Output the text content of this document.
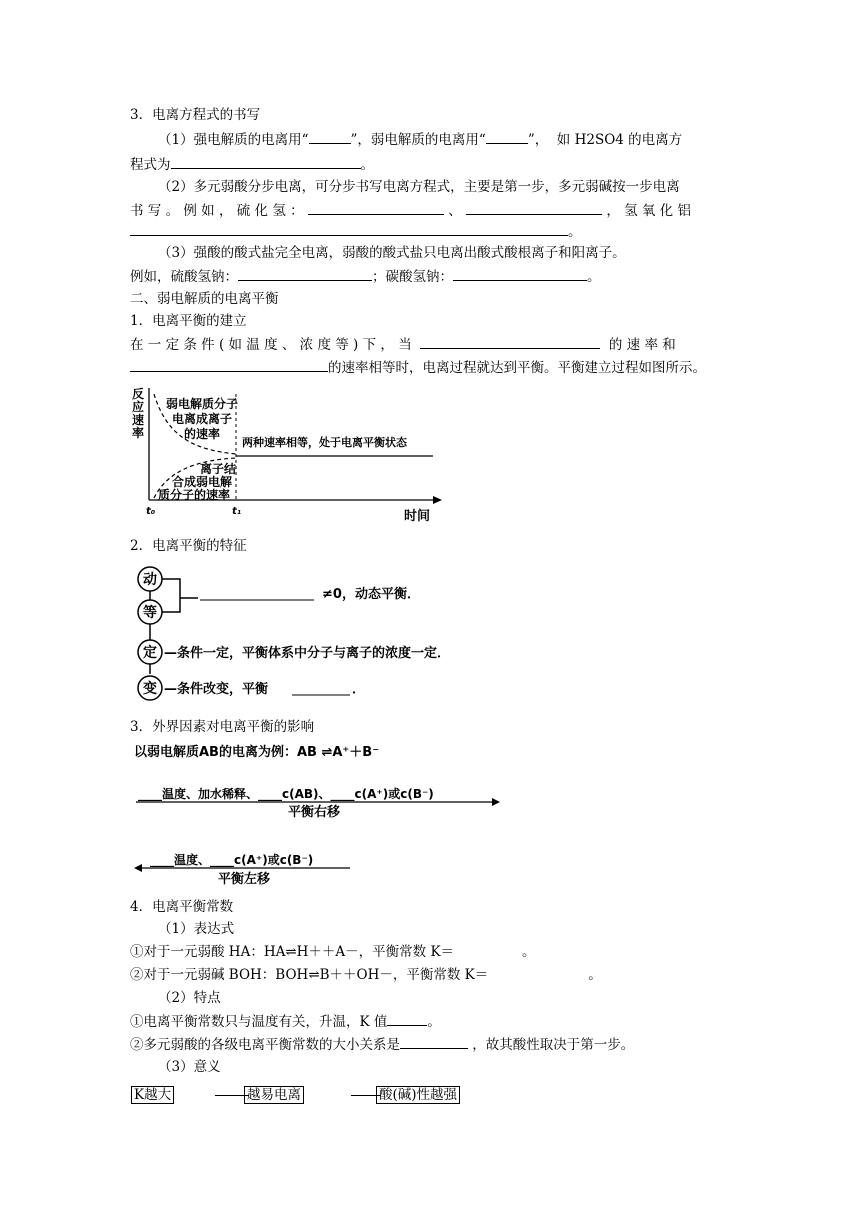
3．电离方程式的书写
（1）强电解质的电离用“	”，弱电解质的电离用“	”，  如 H2SO4 的电离方
程式为	。
（2）多元弱酸分步电离，可分步书写电离方程式，主要是第一步，多元弱碱按一步电离
书 写 。 例 如 ， 硫 化 氢 ：	、	， 氢 氧 化 铝
。
（3）强酸的酸式盐完全电离，弱酸的酸式盐只电离出酸式酸根离子和阳离子。
例如，硫酸氢钠：	；碳酸氢钠：	。
二、弱电解质的电离平衡
1．电离平衡的建立
在 一 定 条 件 ( 如 温 度 、 浓 度 等 ) 下 ， 当	的 速 率 和
的速率相等时，电离过程就达到平衡。平衡建立过程如图所示。
反
应
速
率
弱电解质分子
电离成离子
的速率
两种速率相等，处于电离平衡状态
离子结
合成弱电解
质分子的速率
t₀	t₁	时间
2．电离平衡的特征
动
等
定
变
≠0，动态平衡．
—条件一定，平衡体系中分子与离子的浓度一定．
—条件改变，平衡	．
3．外界因素对电离平衡的影响
以弱电解质AB的电离为例：AB ⇌A⁺＋B⁻
____温度、加水稀释、____c(AB)、____c(A⁺)或c(B⁻)
平衡右移
____温度、____c(A⁺)或c(B⁻)
平衡左移
4．电离平衡常数
（1）表达式
①对于一元弱酸 HA：HA⇌H＋＋A－，平衡常数 K＝	。
②对于一元弱碱 BOH：BOH⇌B＋＋OH－，平衡常数 K＝	。
（2）特点
①电离平衡常数只与温度有关，升温，K 值	。
②多元弱酸的各级电离平衡常数的大小关系是	，故其酸性取决于第一步。
（3）意义
K越大	越易电离	酸(碱)性越强
